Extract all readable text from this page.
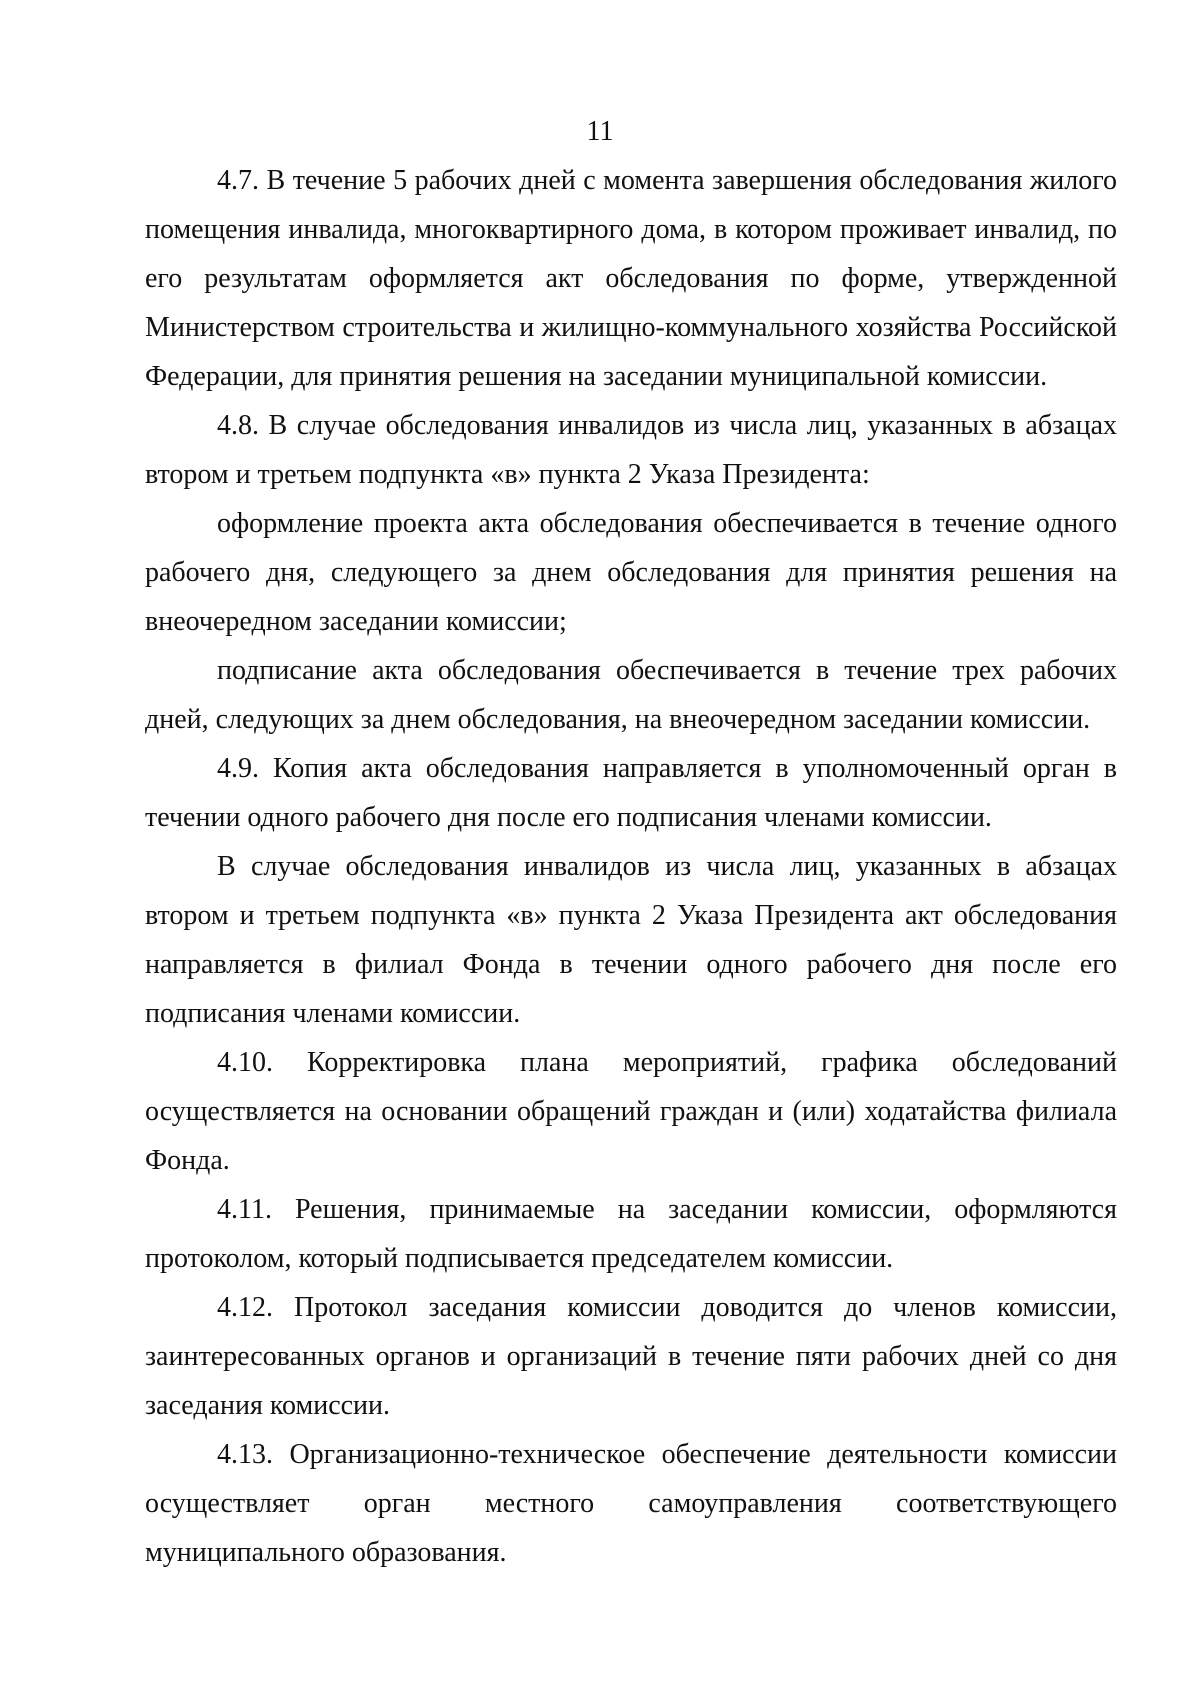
11

4.7. В течение 5 рабочих дней с момента завершения обследования жилого помещения инвалида, многоквартирного дома, в котором проживает инвалид, по его результатам оформляется акт обследования по форме, утвержденной Министерством строительства и жилищно-коммунального хозяйства Российской Федерации, для принятия решения на заседании муниципальной комиссии.

4.8. В случае обследования инвалидов из числа лиц, указанных в абзацах втором и третьем подпункта «в» пункта 2 Указа Президента:

оформление проекта акта обследования обеспечивается в течение одного рабочего дня, следующего за днем обследования для принятия решения на внеочередном заседании комиссии;

подписание акта обследования обеспечивается в течение трех рабочих дней, следующих за днем обследования, на внеочередном заседании комиссии.

4.9. Копия акта обследования направляется в уполномоченный орган в течении одного рабочего дня после его подписания членами комиссии.

В случае обследования инвалидов из числа лиц, указанных в абзацах втором и третьем подпункта «в» пункта 2 Указа Президента акт обследования направляется в филиал Фонда в течении одного рабочего дня после его подписания членами комиссии.

4.10. Корректировка плана мероприятий, графика обследований осуществляется на основании обращений граждан и (или) ходатайства филиала Фонда.

4.11. Решения, принимаемые на заседании комиссии, оформляются протоколом, который подписывается председателем комиссии.

4.12. Протокол заседания комиссии доводится до членов комиссии, заинтересованных органов и организаций в течение пяти рабочих дней со дня заседания комиссии.

4.13. Организационно-техническое обеспечение деятельности комиссии осуществляет орган местного самоуправления соответствующего муниципального образования.
